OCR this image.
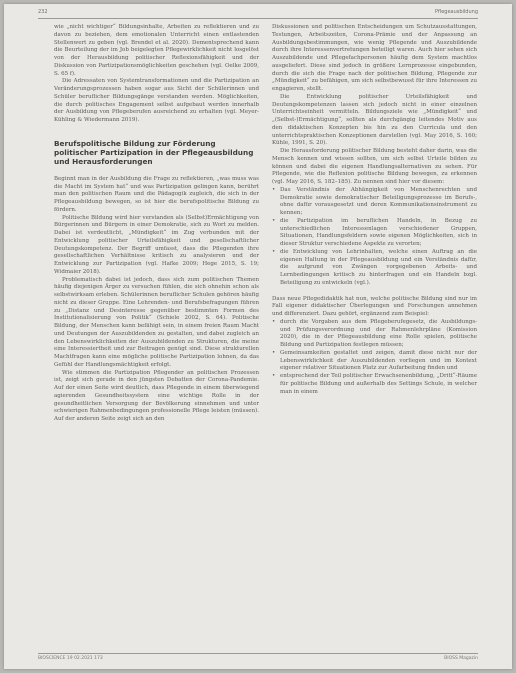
232	Pflegeausbildung

wie „nicht wichtiger“ Bildungsinhalte, Arbeiten zu reflektieren und zu davon zu beziehen, dem emotionalen Unterricht einen entlastenden Stellenwert zu geben (vgl. Brendel et al. 2020). Dementsprechend kann die Beurteilung der im Job beigelegten Pflegewirklichkeit nicht losgelöst von der Herausbildung politischer Reflexionsfähigkeit und der Diskussion von Partizipationsmöglichkeiten geschehen (vgl. Oelke 2009, S. 65 f).

Die Adressaten von Systemtransformationen und die Partizipation an Veränderungsprozessen haben sogar aus Sicht der Schülerinnen und Schüler beruflicher Bildungsgänge verstanden werden. Möglichkeiten, die durch politisches Engagement selbst aufgebaut werden innerhalb der Ausbildung von Pflegeberufen ausreichend zu erhalten (vgl. Meyer-Kühling & Wiedermann 2019).

Berufspolitische Bildung zur Förderung politischer Partizipation in der Pflegeausbildung und Herausforderungen

Beginnt man in der Ausbildung die Frage zu reflektieren, „was muss was die Macht im System hat“ und was Partizipation gelingen kann, berührt man den politischen Raum und die Pädagogik zugleich, die sich in der Pflegeausbildung bewegen, so ist hier die berufspolitische Bildung zu fördern.

Politische Bildung wird hier verstanden als (Selbst)Ermächtigung von Bürgerinnen und Bürgern in einer Demokratie, sich zu Wort zu melden. Dabei ist verdeutlicht, „Mündigkeit“ im Zug verbunden mit der Entwicklung politischer Urteilsfähigkeit und gesellschaftlicher Deutungskompetenz. Der Begriff umfasst, dass die Pflegenden ihre gesellschaftlichen Verhältnisse kritisch zu analysieren und der Entwicklung zur Partizipation (vgl. Hafke 2009; Hege 2015, S. 19; Widmaier 2018).

Problematisch dabei ist jedoch, dass sich zum politischen Themen häufig diejenigen Ärger zu versuchen fühlen, die sich ohnehin schon als selbstwirksam erleben. Schülerinnen beruflicher Schulen gehören häufig nicht zu dieser Gruppe. Eine Lehrenden- und Berufsbefragungen führen zu „Distanz und Desinteresse gegenüber bestimmten Formen des Institutionalisierung von Politik“ (Schiele 2002, S. 64). Politische Bildung, der Menschen kann befähigt sein, in einem freien Raum Macht und Deutungen der Auszubildenden zu gestalten, und dabei zugleich an den Lebenswirklichkeiten der Auszubildenden zu Strukturen, die meine eine Interessiertheit und zur Beitragen genügt sind. Diese strukturellen Machtfragen kann eine mögliche politische Partizipation lohnen, da das Gefühl der Handlungsmächtigkeit erfolgt.

Wie stimmen die Partizipation Pflegender an politischen Prozessen ist, zeigt sich gerade in den jüngsten Debatten der Corona-Pandemie. Auf der einen Seite wird deutlich, dass Pflegende in einem überwiegend agierenden Gesundheitssystem eine wichtige Rolle in der gesundheitlichen Versorgung der Bevölkerung einnehmen und unter schwierigen Rahmenbedingungen professionelle Pflege leisten (müssen). Auf der anderen Seite zeigt sich an den

Diskussionen und politischen Entscheidungen um Schutzausstattungen, Testungen, Arbeitszeiten, Corona-Prämie und der Anpassung an Ausbildungsbestimmungen, wie wenig Pflegende und Auszubildende durch ihre Interessenvertretungen beteiligt waren. Auch hier sehen sich Auszubildende und Pflegefachpersonen häufig dem System machtlos ausgeliefert. Diese sind jedoch in größere Lernprozesse eingebunden, durch die sich die Frage nach der politischen Bildung, Pflegende zur „Mündigkeit“ zu befähigen, um sich selbstbewusst für ihre Interessen zu engagieren, stellt.

Die Entwicklung politischer Urteilsfähigkeit und Deutungskompetenzen lassen sich jedoch nicht in einer einzelnen Unterrichtseinheit vermitteln. Bildungsziele wie „Mündigkeit“ und „(Selbst-)Ermächtigung“, sollten als durchgängig leitendes Motiv aus den didaktischen Konzepten bis hin zu den Curricula und den unterrichtspraktischen Konzeptionen darstellen (vgl. May 2016, S. 160; Kühle, 1991, S. 20).

Die Herausforderung politischer Bildung besteht daher darin, was die Mensch kennen und wissen sollten, um sich selbst Urteile bilden zu können und dabei die eigenen Handlungsalternativen zu sehen. Für Pflegende, wie die Reflexion politische Bildung bewegen, zu erkennen (vgl. May 2016, S. 182–185). Zu nennen sind hier vor diesem:

• Das Verständnis der Abhängigkeit von Menschenrechten und Demokratie sowie demokratischer Beteiligungsprozesse im Berufs-, ohne dafür vorausgesetzt und deren Kommunikationsinstrument zu kennen;
• die Partizipation im beruflichen Handeln, in Bezug zu unterschiedlichen Interessenlagen verschiedener Gruppen, Situationen, Handlungsfeldern sowie eigenen Möglichkeiten, sich in dieser Struktur verschiedene Aspekte zu verorten;
• die Entwicklung von Lehrinhalten, welche einen Auftrag an die eigenen Haltung in der Pflegeausbildung und ein Verständnis dafür, die aufgrund von Zwängen vorgegebenen Arbeits- und Lernbedingungen kritisch zu hinterfragen und ein Handeln bzgl. Beteiligung zu entwickeln (vgl.).

Dass neue Pflegedidaktik hat nun, welche politische Bildung sind nur im Fall eigener didaktischer Überlegungen und Forschungen annehmen und differenziert. Dazu gehört, ergänzend zum Beispiel:

• durch die Vorgaben aus dem Pflegeberufegesetz, die Ausbildungs- und Prüfungsverordnung und der Rahmenlehrpläne (Komission 2020), die in der Pflegeausbildung eine Rolle spielen, politische Bildung und Partizipation festlegen müssen;
• Gemeinsamkeiten gestaltet und zeigen, damit diese nicht nur der Lebenswirklichkeit der Auszubildenden vorliegen und im Kontext eigener relativer Situationen Platz zur Aufarbeitung finden und
• entsprechend der Teil politischer Erwachsenenbildung, „Dritt“-Räume für politische Bildung und außerhalb des Settings Schule, in welcher man in einem
BIOSCIENCE 19 02.2021 173	BIOSS Magazin
